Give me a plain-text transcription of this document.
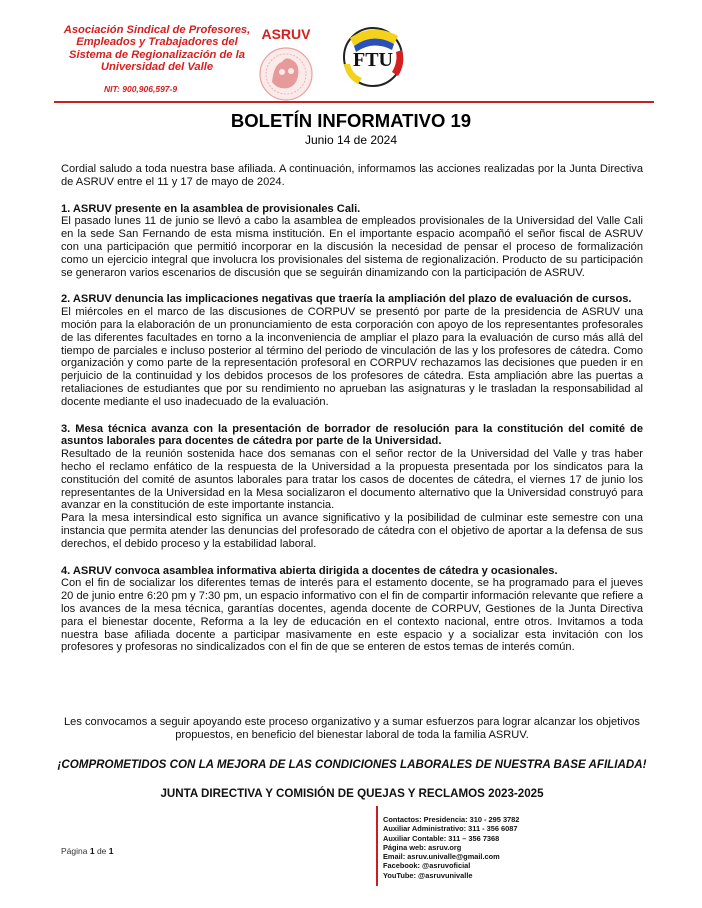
Asociación Sindical de Profesores,
Empleados y Trabajadores del
Sistema de Regionalización de la
Universidad del Valle
NIT: 900,906,597-9
ASRUV
FTU
BOLETÍN INFORMATIVO 19
Junio 14 de 2024

Cordial saludo a toda nuestra base afiliada. A continuación, informamos las acciones realizadas por la Junta Directiva de ASRUV entre el 11 y 17 de mayo de 2024.

1. ASRUV presente en la asamblea de provisionales Cali.

El pasado lunes 11 de junio se llevó a cabo la asamblea de empleados provisionales de la Universidad del Valle Cali en la sede San Fernando de esta misma institución. En el importante espacio acompañó el señor fiscal de ASRUV con una participación que permitió incorporar en la discusión la necesidad de pensar el proceso de formalización como un ejercicio integral que involucra los provisionales del sistema de regionalización. Producto de su participación se generaron varios escenarios de discusión que se seguirán dinamizando con la participación de ASRUV.

2. ASRUV denuncia las implicaciones negativas que traería la ampliación del plazo de evaluación de cursos.

El miércoles en el marco de las discusiones de CORPUV se presentó por parte de la presidencia de ASRUV una moción para la elaboración de un pronunciamiento de esta corporación con apoyo de los representantes profesorales de las diferentes facultades en torno a la inconveniencia de ampliar el plazo para la evaluación de curso más allá del tiempo de parciales e incluso posterior al término del periodo de vinculación de las y los profesores de cátedra. Como organización y como parte de la representación profesoral en CORPUV rechazamos las decisiones que pueden ir en perjuicio de la continuidad y los debidos procesos de los profesores de cátedra. Esta ampliación abre las puertas a retaliaciones de estudiantes que por su rendimiento no aprueban las asignaturas y le trasladan la responsabilidad al docente mediante el uso inadecuado de la evaluación.

3. Mesa técnica avanza con la presentación de borrador de resolución para la constitución del comité de asuntos laborales para docentes de cátedra por parte de la Universidad.

Resultado de la reunión sostenida hace dos semanas con el señor rector de la Universidad del Valle y tras haber hecho el reclamo enfático de la respuesta de la Universidad a la propuesta presentada por los sindicatos para la constitución del comité de asuntos laborales para tratar los casos de docentes de cátedra, el viernes 17 de junio los representantes de la Universidad en la Mesa socializaron el documento alternativo que la Universidad construyó para avanzar en la constitución de este importante instancia.

Para la mesa intersindical esto significa un avance significativo y la posibilidad de culminar este semestre con una instancia que permita atender las denuncias del profesorado de cátedra con el objetivo de aportar a la defensa de sus derechos, el debido proceso y la estabilidad laboral.

4. ASRUV convoca asamblea informativa abierta dirigida a docentes de cátedra y ocasionales.

Con el fin de socializar los diferentes temas de interés para el estamento docente, se ha programado para el jueves 20 de junio entre 6:20 pm y 7:30 pm, un espacio informativo con el fin de compartir información relevante que refiere a los avances de la mesa técnica, garantías docentes, agenda docente de CORPUV, Gestiones de la Junta Directiva para el bienestar docente, Reforma a la ley de educación en el contexto nacional, entre otros. Invitamos a toda nuestra base afiliada docente a participar masivamente en este espacio y a socializar esta invitación con los profesores y profesoras no sindicalizados con el fin de que se enteren de estos temas de interés común.

Les convocamos a seguir apoyando este proceso organizativo y a sumar esfuerzos para lograr alcanzar los objetivos propuestos, en beneficio del bienestar laboral de toda la familia ASRUV.
¡COMPROMETIDOS CON LA MEJORA DE LAS CONDICIONES LABORALES DE NUESTRA BASE AFILIADA!
JUNTA DIRECTIVA Y COMISIÓN DE QUEJAS Y RECLAMOS 2023-2025
Contactos: Presidencia: 310 - 295 3782
Auxiliar Administrativo: 311 - 356 6087
Auxiliar Contable: 311 – 356 7368
Página web: asruv.org
Email: asruv.univalle@gmail.com
Facebook: @asruvoficial
YouTube: @asruvunivalle
Página 1 de 1
